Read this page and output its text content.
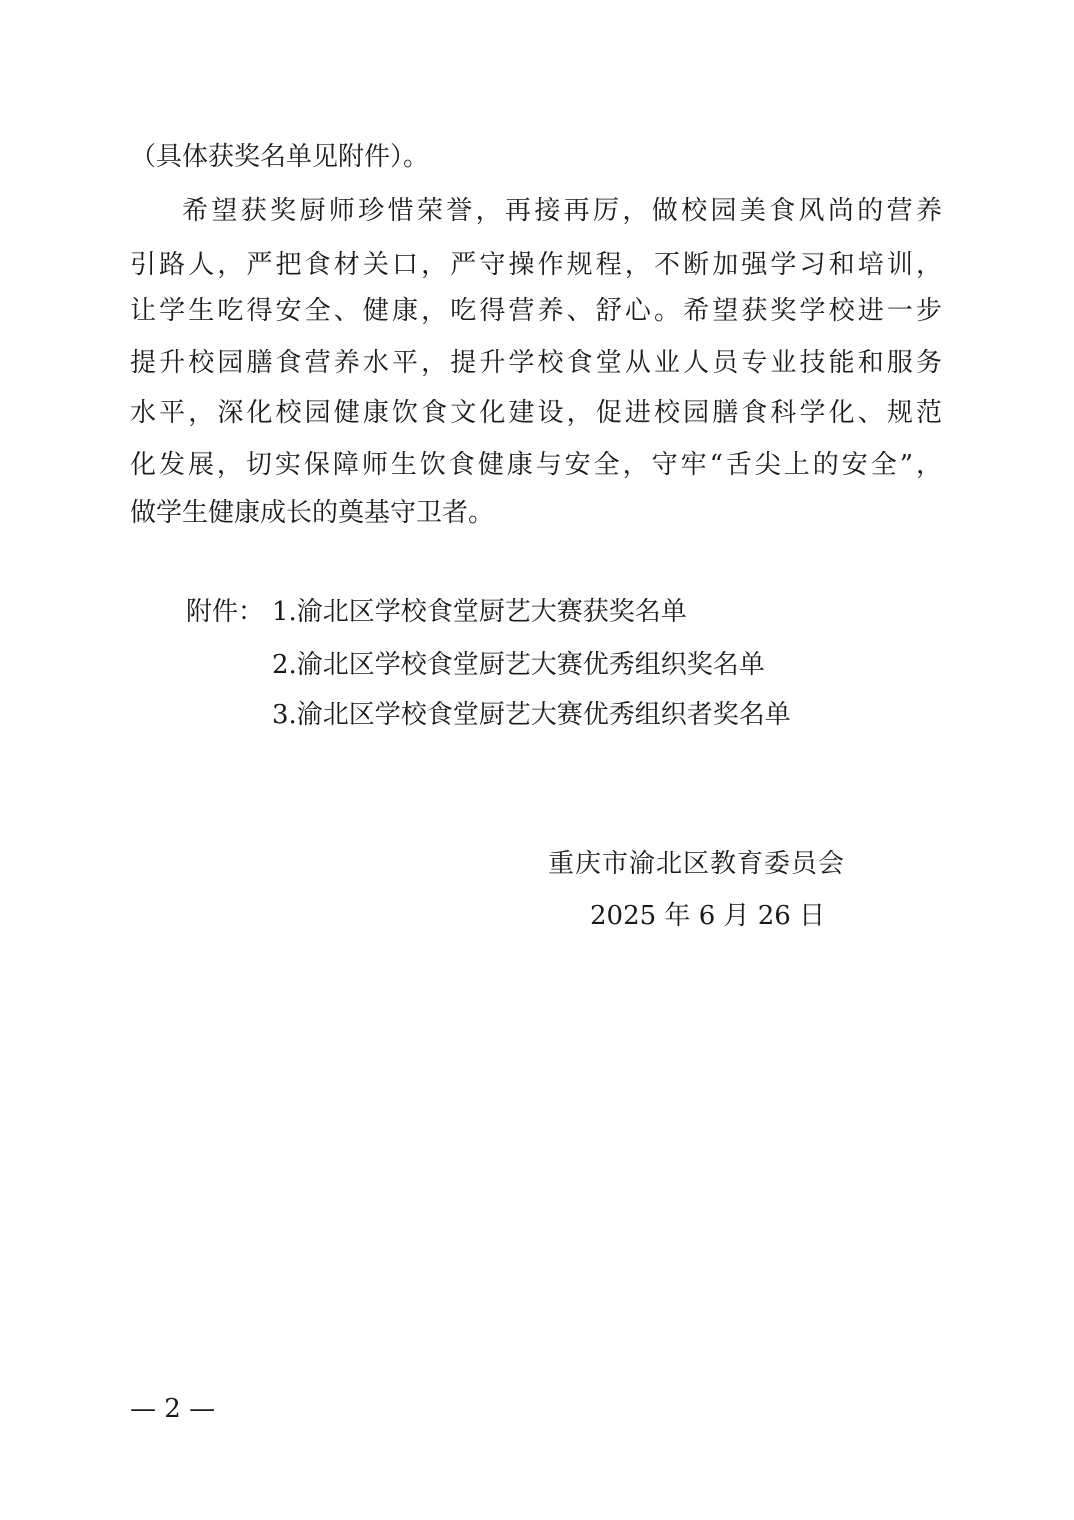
（具体获奖名单见附件）。
希望获奖厨师珍惜荣誉，再接再厉，做校园美食风尚的营养
引路人，严把食材关口，严守操作规程，不断加强学习和培训，
让学生吃得安全、健康，吃得营养、舒心。希望获奖学校进一步
提升校园膳食营养水平，提升学校食堂从业人员专业技能和服务
水平，深化校园健康饮食文化建设，促进校园膳食科学化、规范
化发展，切实保障师生饮食健康与安全，守牢“舌尖上的安全”，
做学生健康成长的奠基守卫者。
附件： 1.渝北区学校食堂厨艺大赛获奖名单
2.渝北区学校食堂厨艺大赛优秀组织奖名单
3.渝北区学校食堂厨艺大赛优秀组织者奖名单
重庆市渝北区教育委员会
2025 年 6 月 26 日
— 2 —
